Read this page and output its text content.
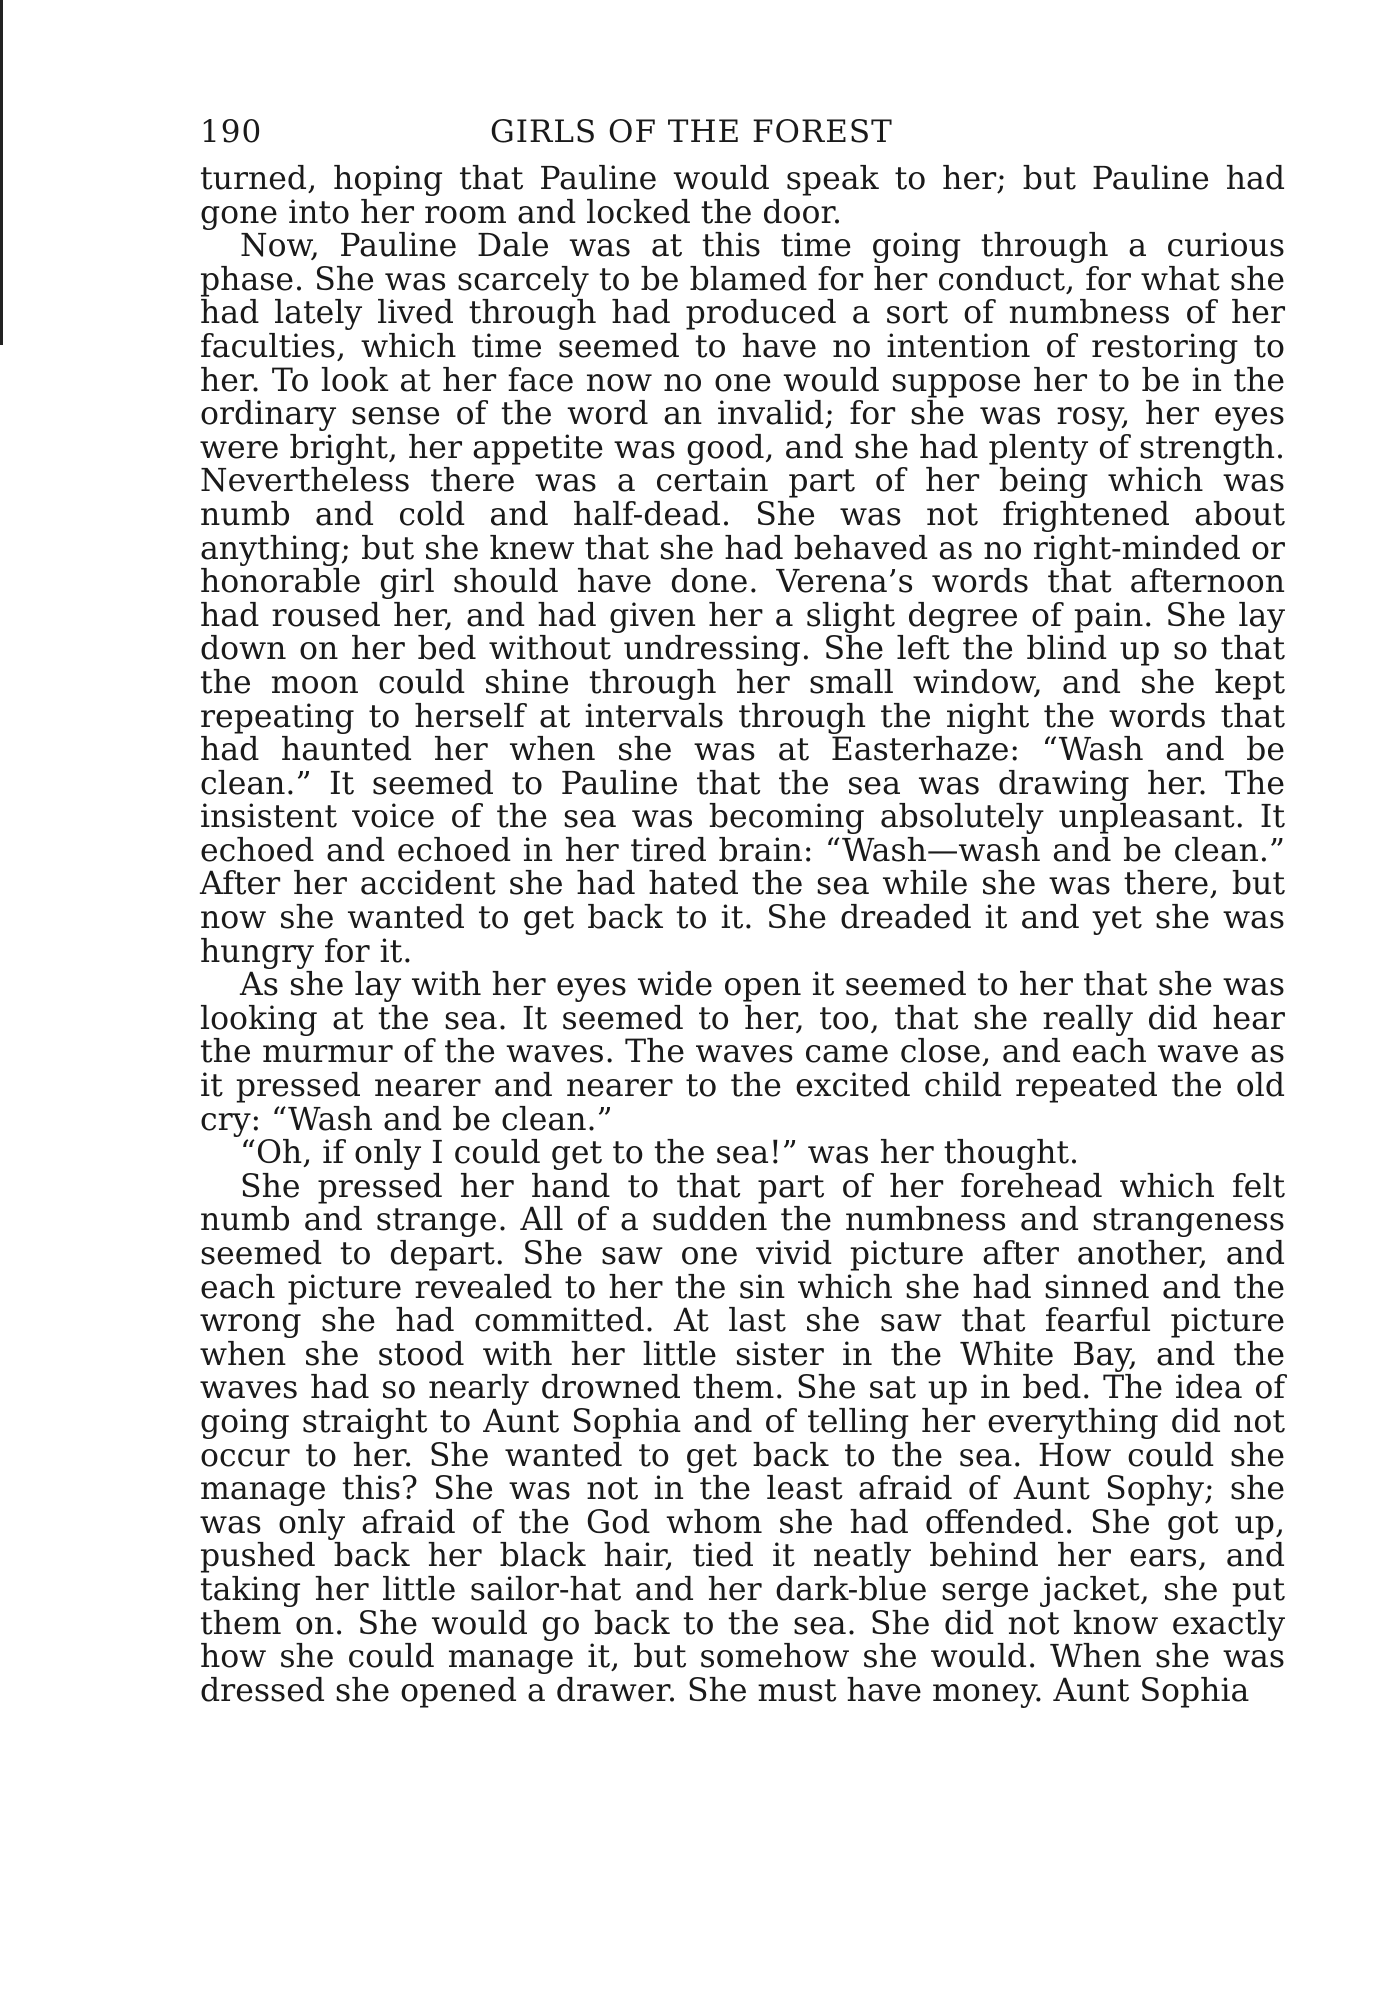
190	GIRLS OF THE FOREST

turned, hoping that Pauline would speak to her; but Pauline had gone into her room and locked the door.

Now, Pauline Dale was at this time going through a curious phase. She was scarcely to be blamed for her conduct, for what she had lately lived through had produced a sort of numbness of her faculties, which time seemed to have no intention of restoring to her. To look at her face now no one would suppose her to be in the ordinary sense of the word an invalid; for she was rosy, her eyes were bright, her appetite was good, and she had plenty of strength. Nevertheless there was a certain part of her being which was numb and cold and half-dead. She was not frightened about anything; but she knew that she had behaved as no right-minded or honorable girl should have done. Verena’s words that afternoon had roused her, and had given her a slight degree of pain. She lay down on her bed without undressing. She left the blind up so that the moon could shine through her small window, and she kept repeating to herself at intervals through the night the words that had haunted her when she was at Easterhaze: “Wash and be clean.” It seemed to Pauline that the sea was drawing her. The insistent voice of the sea was becoming absolutely unpleasant. It echoed and echoed in her tired brain: “Wash—wash and be clean.” After her accident she had hated the sea while she was there, but now she wanted to get back to it. She dreaded it and yet she was hungry for it.

As she lay with her eyes wide open it seemed to her that she was looking at the sea. It seemed to her, too, that she really did hear the murmur of the waves. The waves came close, and each wave as it pressed nearer and nearer to the excited child repeated the old cry: “Wash and be clean.”

“Oh, if only I could get to the sea!” was her thought.

She pressed her hand to that part of her forehead which felt numb and strange. All of a sudden the numbness and strangeness seemed to depart. She saw one vivid picture after another, and each picture revealed to her the sin which she had sinned and the wrong she had committed. At last she saw that fearful picture when she stood with her little sister in the White Bay, and the waves had so nearly drowned them. She sat up in bed. The idea of going straight to Aunt Sophia and of telling her everything did not occur to her. She wanted to get back to the sea. How could she manage this? She was not in the least afraid of Aunt Sophy; she was only afraid of the God whom she had offended. She got up, pushed back her black hair, tied it neatly behind her ears, and taking her little sailor-hat and her dark-blue serge jacket, she put them on. She would go back to the sea. She did not know exactly how she could manage it, but somehow she would. When she was dressed she opened a drawer. She must have money. Aunt Sophia
